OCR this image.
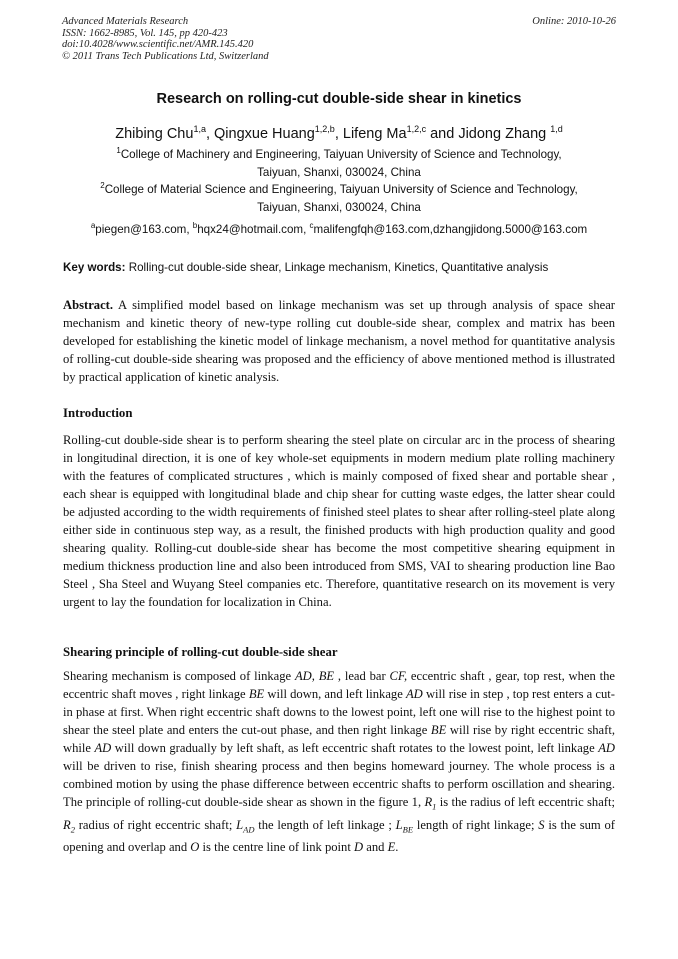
Advanced Materials Research
ISSN: 1662-8985, Vol. 145, pp 420-423
doi:10.4028/www.scientific.net/AMR.145.420
© 2011 Trans Tech Publications Ltd, Switzerland
Online: 2010-10-26
Research on rolling-cut double-side shear in kinetics
Zhibing Chu$^{1,a}$, Qingxue Huang$^{1,2,b}$, Lifeng Ma$^{1,2,c}$ and Jidong Zhang $^{1,d}$
$^1$College of Machinery and Engineering, Taiyuan University of Science and Technology,
Taiyuan, Shanxi, 030024, China
$^2$College of Material Science and Engineering, Taiyuan University of Science and Technology,
Taiyuan, Shanxi, 030024, China
$^a$piegen@163.com, $^b$hqx24@hotmail.com, $^c$malifengfqh@163.com,dzhangjidong.5000@163.com
Key words: Rolling-cut double-side shear, Linkage mechanism, Kinetics, Quantitative analysis
Abstract. A simplified model based on linkage mechanism was set up through analysis of space shear mechanism and kinetic theory of new-type rolling cut double-side shear, complex and matrix has been developed for establishing the kinetic model of linkage mechanism, a novel method for quantitative analysis of rolling-cut double-side shearing was proposed and the efficiency of above mentioned method is illustrated by practical application of kinetic analysis.
Introduction
Rolling-cut double-side shear is to perform shearing the steel plate on circular arc in the process of shearing in longitudinal direction, it is one of key whole-set equipments in modern medium plate rolling machinery with the features of complicated structures , which is mainly composed of fixed shear and portable shear , each shear is equipped with longitudinal blade and chip shear for cutting waste edges, the latter shear could be adjusted according to the width requirements of finished steel plates to shear after rolling-steel plate along either side in continuous step way, as a result, the finished products with high production quality and good shearing quality. Rolling-cut double-side shear has become the most competitive shearing equipment in medium thickness production line and also been introduced from SMS, VAI to shearing production line Bao Steel , Sha Steel and Wuyang Steel companies etc. Therefore, quantitative research on its movement is very urgent to lay the foundation for localization in China.
Shearing principle of rolling-cut double-side shear
Shearing mechanism is composed of linkage AD, BE , lead bar CF, eccentric shaft , gear, top rest, when the eccentric shaft moves , right linkage BE will down, and left linkage AD will rise in step , top rest enters a cut-in phase at first. When right eccentric shaft downs to the lowest point, left one will rise to the highest point to shear the steel plate and enters the cut-out phase, and then right linkage BE will rise by right eccentric shaft, while AD will down gradually by left shaft, as left eccentric shaft rotates to the lowest point, left linkage AD will be driven to rise, finish shearing process and then begins homeward journey. The whole process is a combined motion by using the phase difference between eccentric shafts to perform oscillation and shearing. The principle of rolling-cut double-side shear as shown in the figure 1, $R_1$ is the radius of left eccentric shaft; $R_2$ radius of right eccentric shaft; $L_{AD}$ the length of left linkage ; $L_{BE}$ length of right linkage; S is the sum of opening and overlap and O is the centre line of link point D and E.
